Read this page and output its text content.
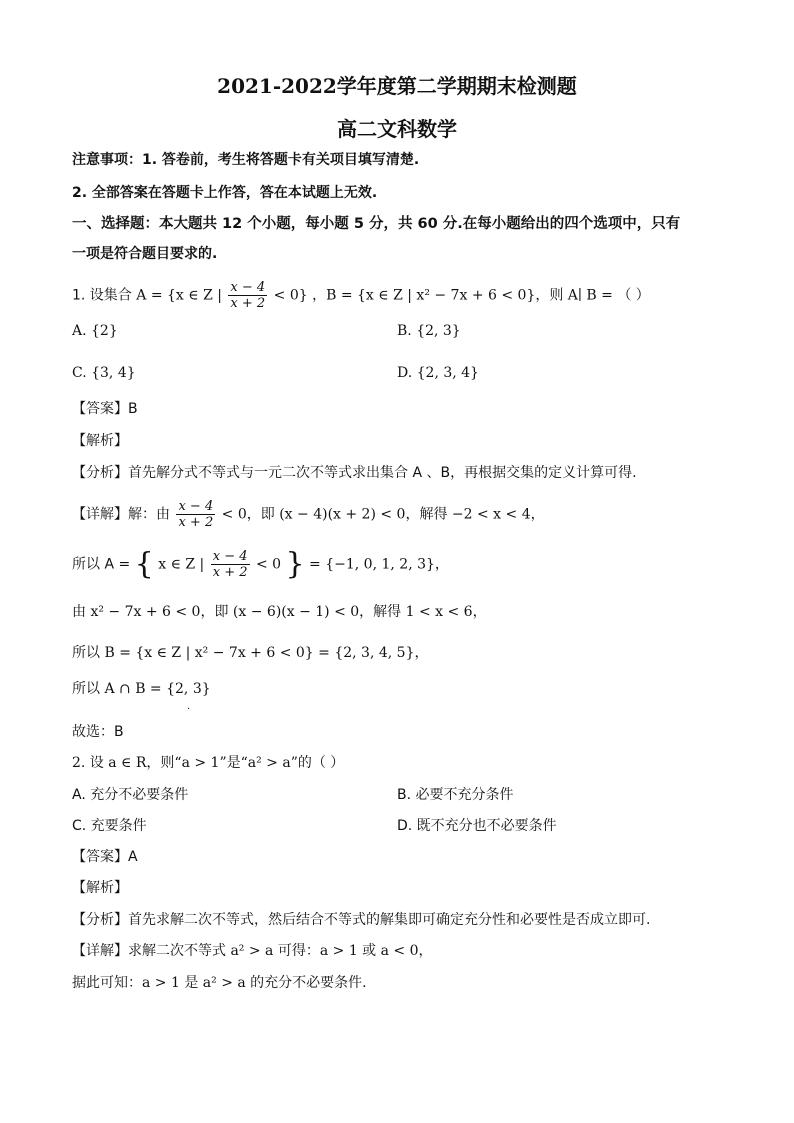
2021-2022学年度第二学期期末检测题
高二文科数学
注意事项：1. 答卷前，考生将答题卡有关项目填写清楚.
2. 全部答案在答题卡上作答，答在本试题上无效.
一、选择题：本大题共 12 个小题，每小题 5 分，共 60 分.在每小题给出的四个选项中，只有
一项是符合题目要求的.
1. 设集合 A = {x ∈ Z | $\frac{x - 4}{x + 2} < 0$} ，B = {x ∈ Z | x² − 7x + 6 < 0}，则 A∣ B = （ ）
A. {2}	B. {2, 3}
C. {3, 4}	D. {2, 3, 4}
【答案】B
【解析】
【分析】首先解分式不等式与一元二次不等式求出集合 A 、B，再根据交集的定义计算可得.
【详解】解：由 $\frac{x - 4}{x + 2} < 0$，即 (x − 4)(x + 2) < 0，解得 −2 < x < 4，
所以 A = { x ∈ Z | $\frac{x - 4}{x + 2} < 0$ } = {−1, 0, 1, 2, 3}，
由 x² − 7x + 6 < 0，即 (x − 6)(x − 1) < 0，解得 1 < x < 6，
所以 B = {x ∈ Z | x² − 7x + 6 < 0} = {2, 3, 4, 5}，
所以 A ∩ B = {2, 3}
.
故选：B
2. 设 a ∈ R，则“a > 1”是“a² > a”的（ ）
A. 充分不必要条件	B. 必要不充分条件
C. 充要条件	D. 既不充分也不必要条件
【答案】A
【解析】
【分析】首先求解二次不等式，然后结合不等式的解集即可确定充分性和必要性是否成立即可.
【详解】求解二次不等式 a² > a 可得：a > 1 或 a < 0，
据此可知：a > 1 是 a² > a 的充分不必要条件.
